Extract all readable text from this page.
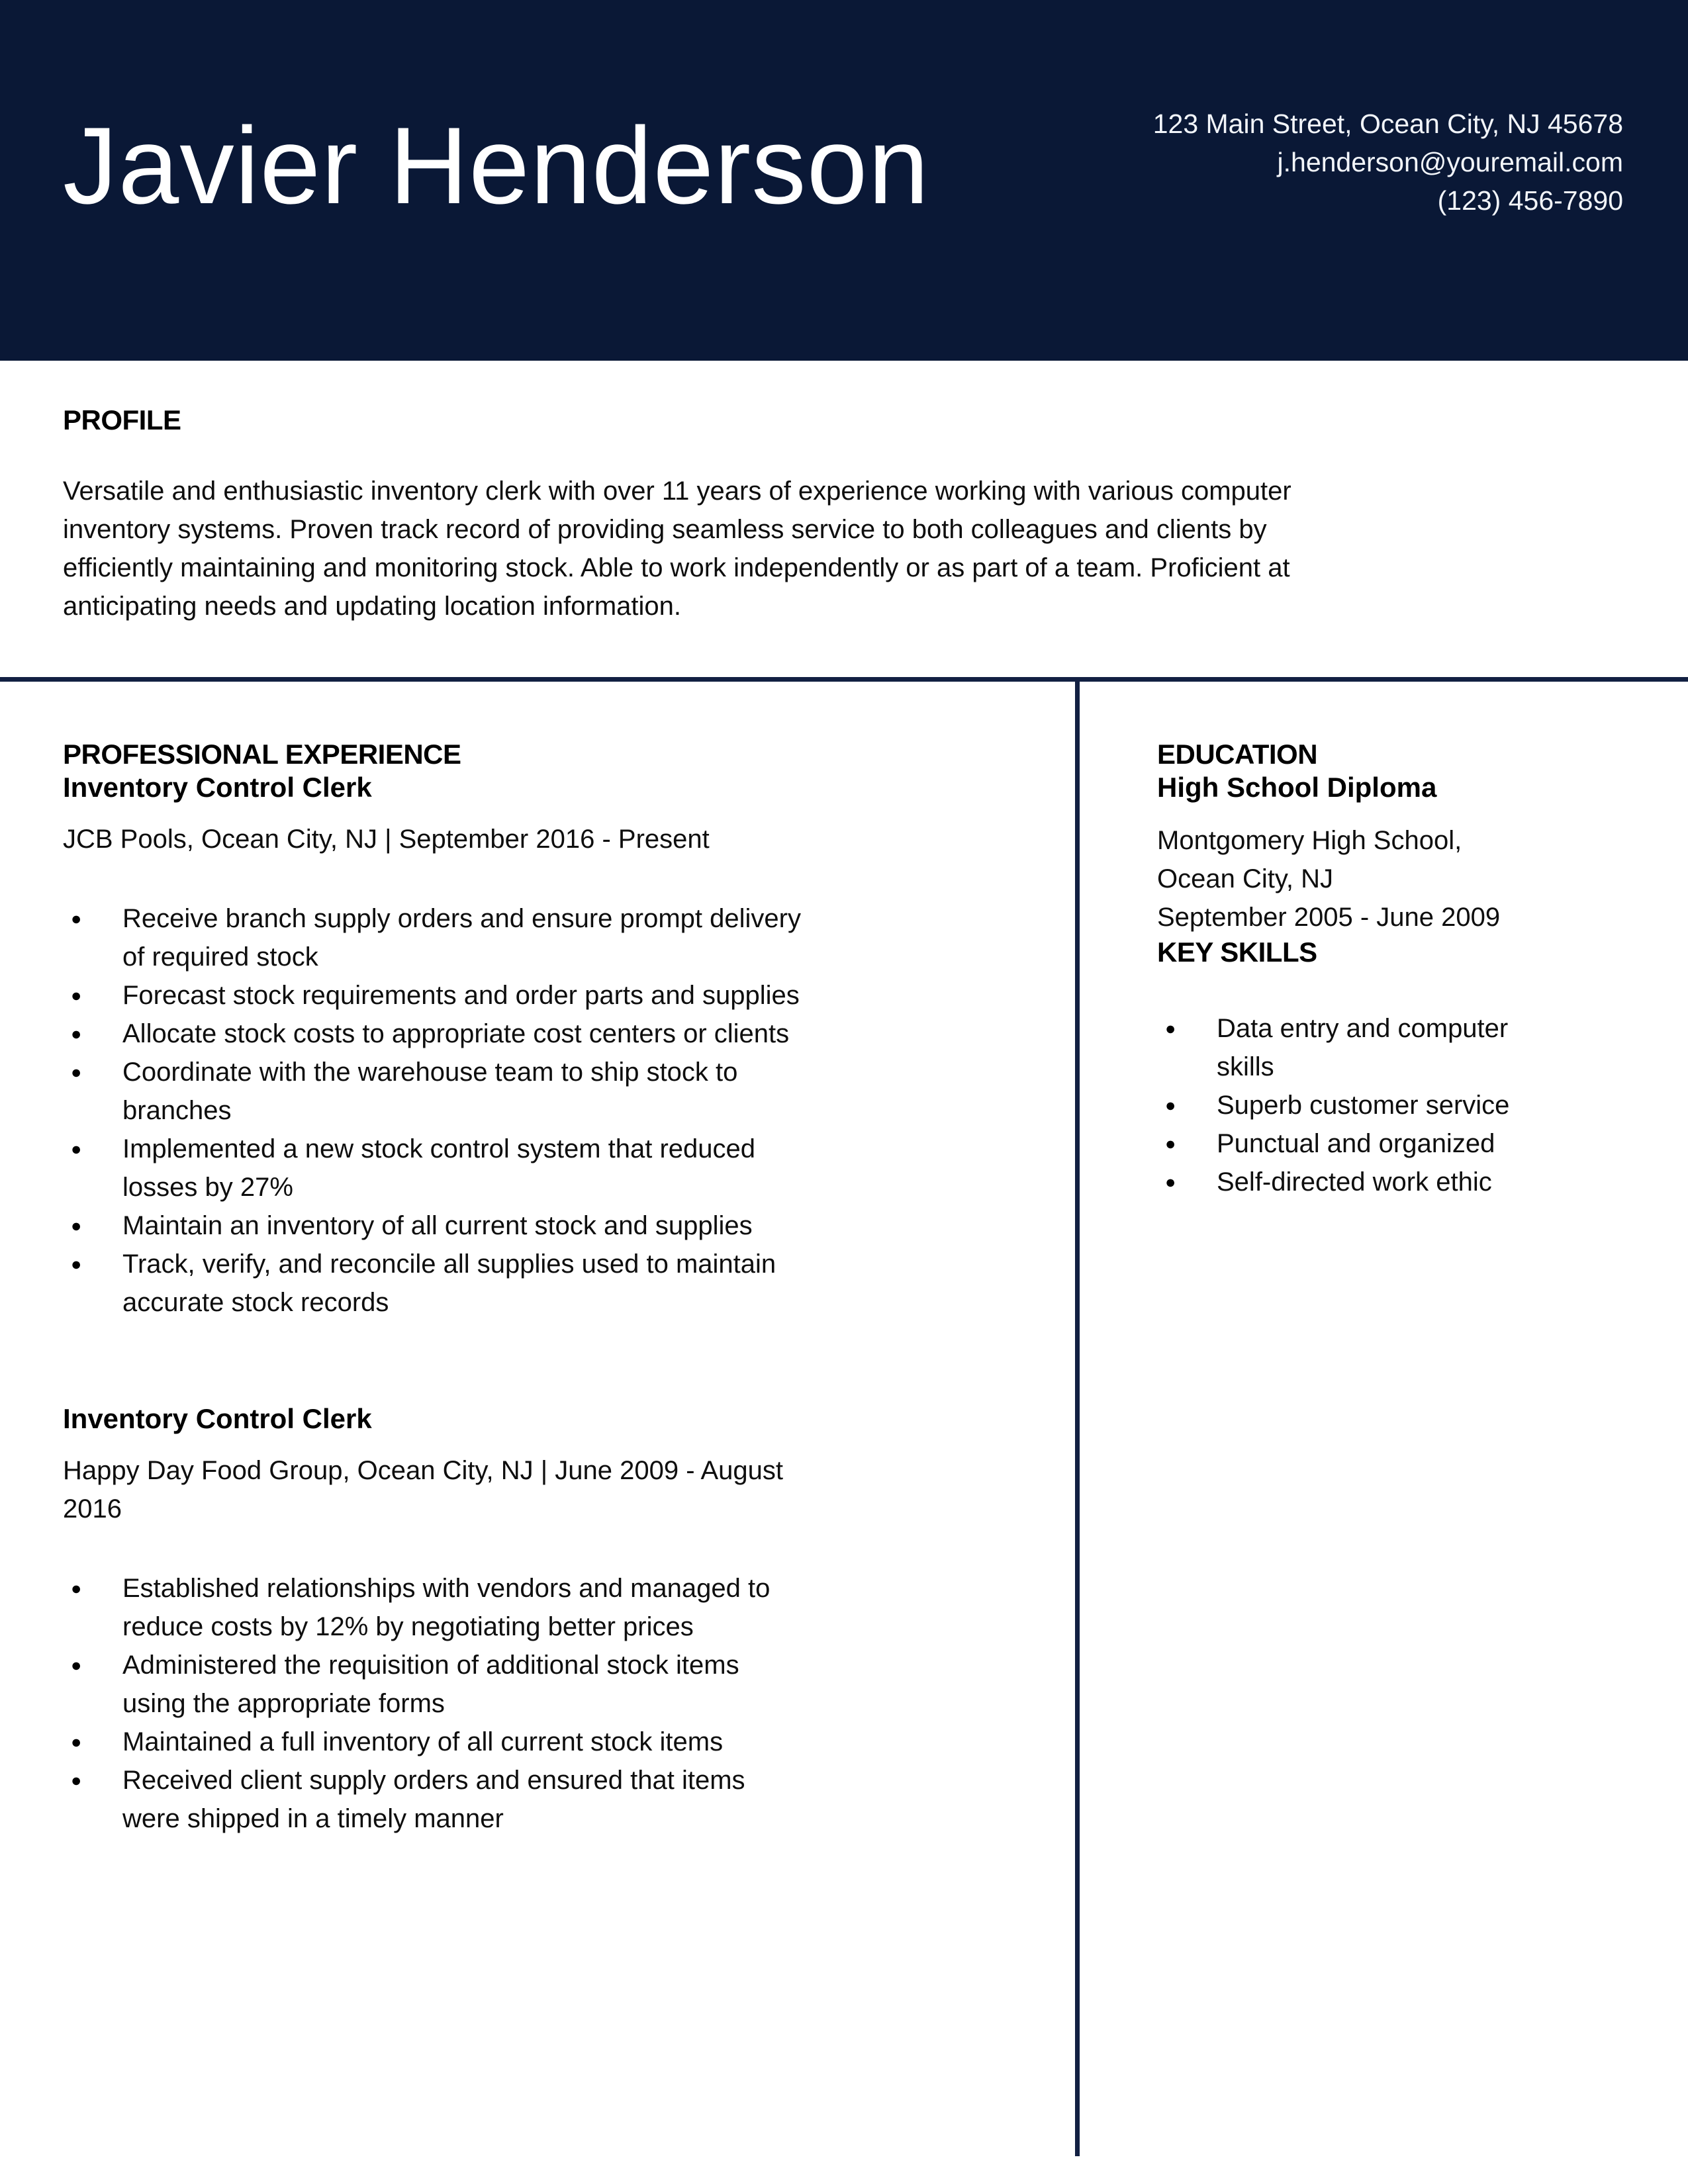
Javier Henderson	123 Main Street, Ocean City, NJ 45678
j.henderson@youremail.com
(123) 456-7890
PROFILE

Versatile and enthusiastic inventory clerk with over 11 years of experience working with various computer inventory systems. Proven track record of providing seamless service to both colleagues and clients by efficiently maintaining and monitoring stock. Able to work independently or as part of a team. Proficient at anticipating needs and updating location information.

PROFESSIONAL EXPERIENCE
Inventory Control Clerk
JCB Pools, Ocean City, NJ | September 2016 - Present
● Receive branch supply orders and ensure prompt delivery of required stock
● Forecast stock requirements and order parts and supplies
● Allocate stock costs to appropriate cost centers or clients
● Coordinate with the warehouse team to ship stock to branches
● Implemented a new stock control system that reduced losses by 27%
● Maintain an inventory of all current stock and supplies
● Track, verify, and reconcile all supplies used to maintain accurate stock records
Inventory Control Clerk
Happy Day Food Group, Ocean City, NJ | June 2009 - August 2016
● Established relationships with vendors and managed to reduce costs by 12% by negotiating better prices
● Administered the requisition of additional stock items using the appropriate forms
● Maintained a full inventory of all current stock items
● Received client supply orders and ensured that items were shipped in a timely manner
EDUCATION
High School Diploma
Montgomery High School,
Ocean City, NJ
September 2005 - June 2009
KEY SKILLS
● Data entry and computer skills
● Superb customer service
● Punctual and organized
● Self-directed work ethic
